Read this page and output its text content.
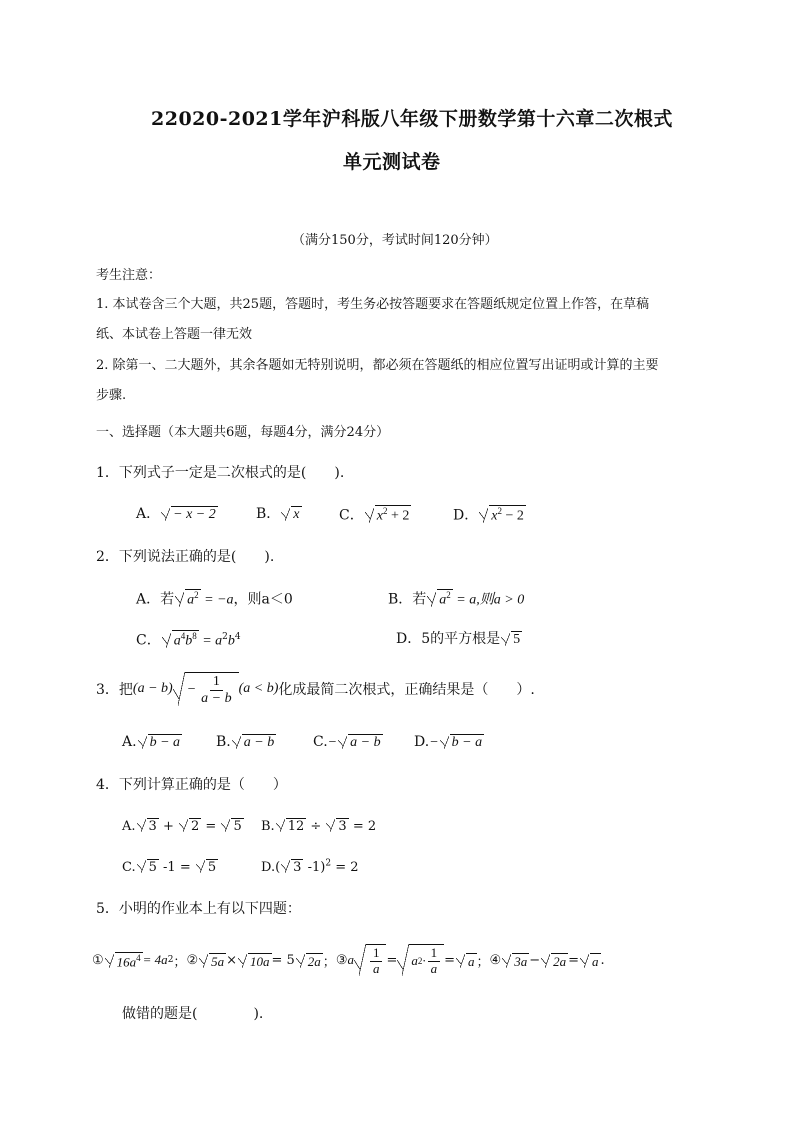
22020-2021学年沪科版八年级下册数学第十六章二次根式
单元测试卷
（满分150分，考试时间120分钟）
考生注意：
1. 本试卷含三个大题，共25题，答题时，考生务必按答题要求在答题纸规定位置上作答，在草稿
纸、本试卷上答题一律无效
2. 除第一、二大题外，其余各题如无特别说明，都必须在答题纸的相应位置写出证明或计算的主要
步骤.
一、选择题（本大题共6题，每题4分，满分24分）
1．下列式子一定是二次根式的是(　　).
A． − x − 2	B． x	C． $x^2 + 2$	D． $x^2 - 2$
2．下列说法正确的是(　　).
A．若 $a^2 = -a$，则a＜0	B．若 $a^2 = a$,则a > 0
C． $a^4b^8 = a^2b^4$	D．5的平方根是 5
3．把 $(a - b) - \frac{1}{a - b} (a < b)$ 化成最简二次根式，正确结果是（　　）.
A. b − a	B. a − b	C.− a − b D.− b − a
4．下列计算正确的是（　　）
A. 3 + 2 = 5 B. 12 ÷ 3 = 2
C. 5 -1 = 5	D.( 3 -1)$^2$ = 2
5．小明的作业本上有以下四题：
①	$16a^4 = 4a$ 2 ； ②	5a ×	10a = 5	2a ； ③ a $\frac{1}{a} = a$ $2 \cdot \frac{1}{a}$ =	a ； ④	3a −	2a =	a .
做错的题是(　　　　).
